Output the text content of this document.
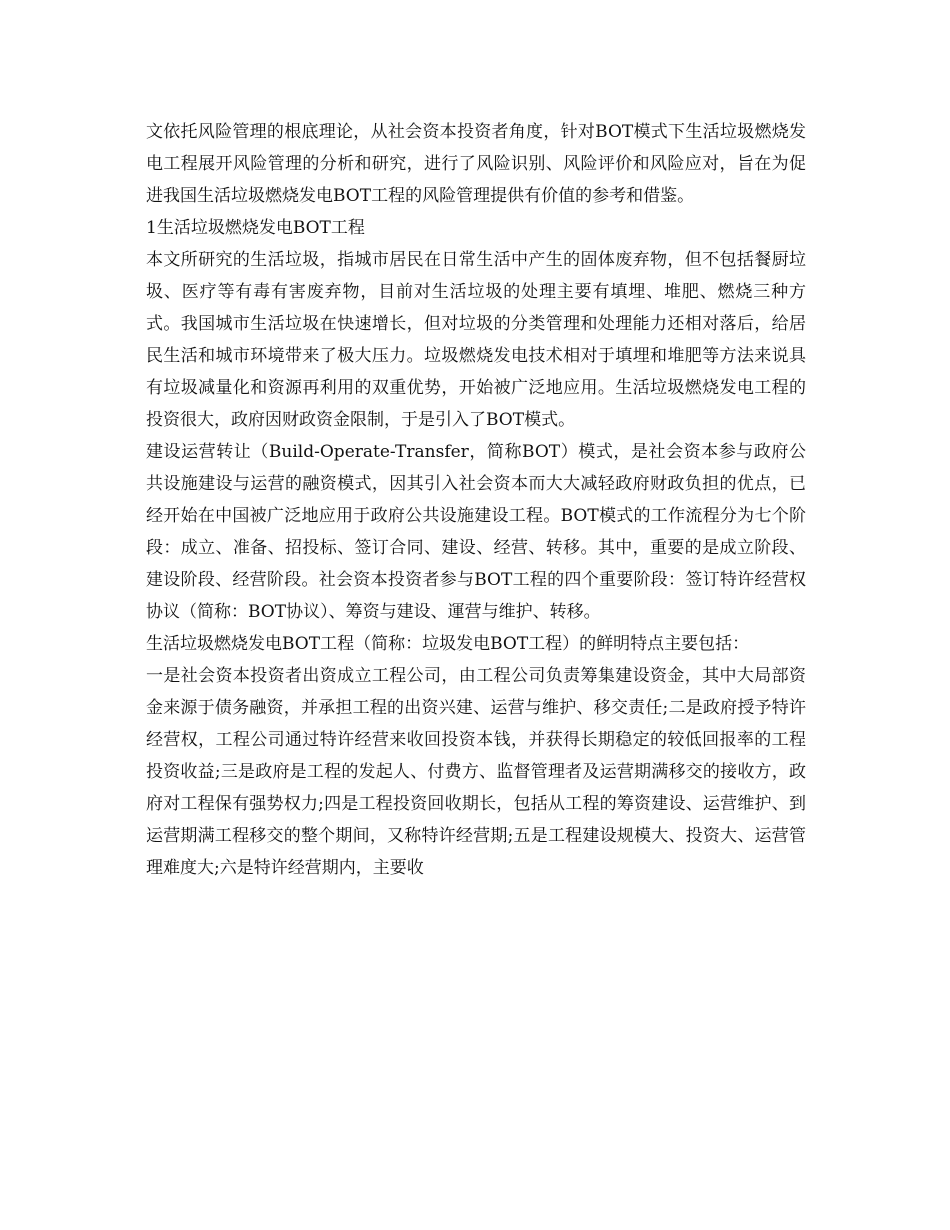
文依托风险管理的根底理论，从社会资本投资者角度，针对BOT模式下生活垃圾燃烧发电工程展开风险管理的分析和研究，进行了风险识别、风险评价和风险应对，旨在为促进我国生活垃圾燃烧发电BOT工程的风险管理提供有价值的参考和借鉴。

1生活垃圾燃烧发电BOT工程

本文所研究的生活垃圾，指城市居民在日常生活中产生的固体废弃物，但不包括餐厨垃圾、医疗等有毒有害废弃物，目前对生活垃圾的处理主要有填埋、堆肥、燃烧三种方式。我国城市生活垃圾在快速增长，但对垃圾的分类管理和处理能力还相对落后，给居民生活和城市环境带来了极大压力。垃圾燃烧发电技术相对于填埋和堆肥等方法来说具有垃圾减量化和资源再利用的双重优势，开始被广泛地应用。生活垃圾燃烧发电工程的投资很大，政府因财政资金限制，于是引入了BOT模式。

建设运营转让（Build-Operate-Transfer，简称BOT）模式，是社会资本参与政府公共设施建设与运营的融资模式，因其引入社会资本而大大减轻政府财政负担的优点，已经开始在中国被广泛地应用于政府公共设施建设工程。BOT模式的工作流程分为七个阶段：成立、准备、招投标、签订合同、建设、经营、转移。其中，重要的是成立阶段、建设阶段、经营阶段。社会资本投资者参与BOT工程的四个重要阶段：签订特许经营权协议（简称：BOT协议）、筹资与建设、運营与维护、转移。

生活垃圾燃烧发电BOT工程（简称：垃圾发电BOT工程）的鲜明特点主要包括：

一是社会资本投资者出资成立工程公司，由工程公司负责筹集建设资金，其中大局部资金来源于债务融资，并承担工程的出资兴建、运营与维护、移交责任;二是政府授予特许经营权，工程公司通过特许经营来收回投资本钱，并获得长期稳定的较低回报率的工程投资收益;三是政府是工程的发起人、付费方、监督管理者及运营期满移交的接收方，政府对工程保有强势权力;四是工程投资回收期长，包括从工程的筹资建设、运营维护、到运营期满工程移交的整个期间，又称特许经营期;五是工程建设规模大、投资大、运营管理难度大;六是特许经营期内，主要收
